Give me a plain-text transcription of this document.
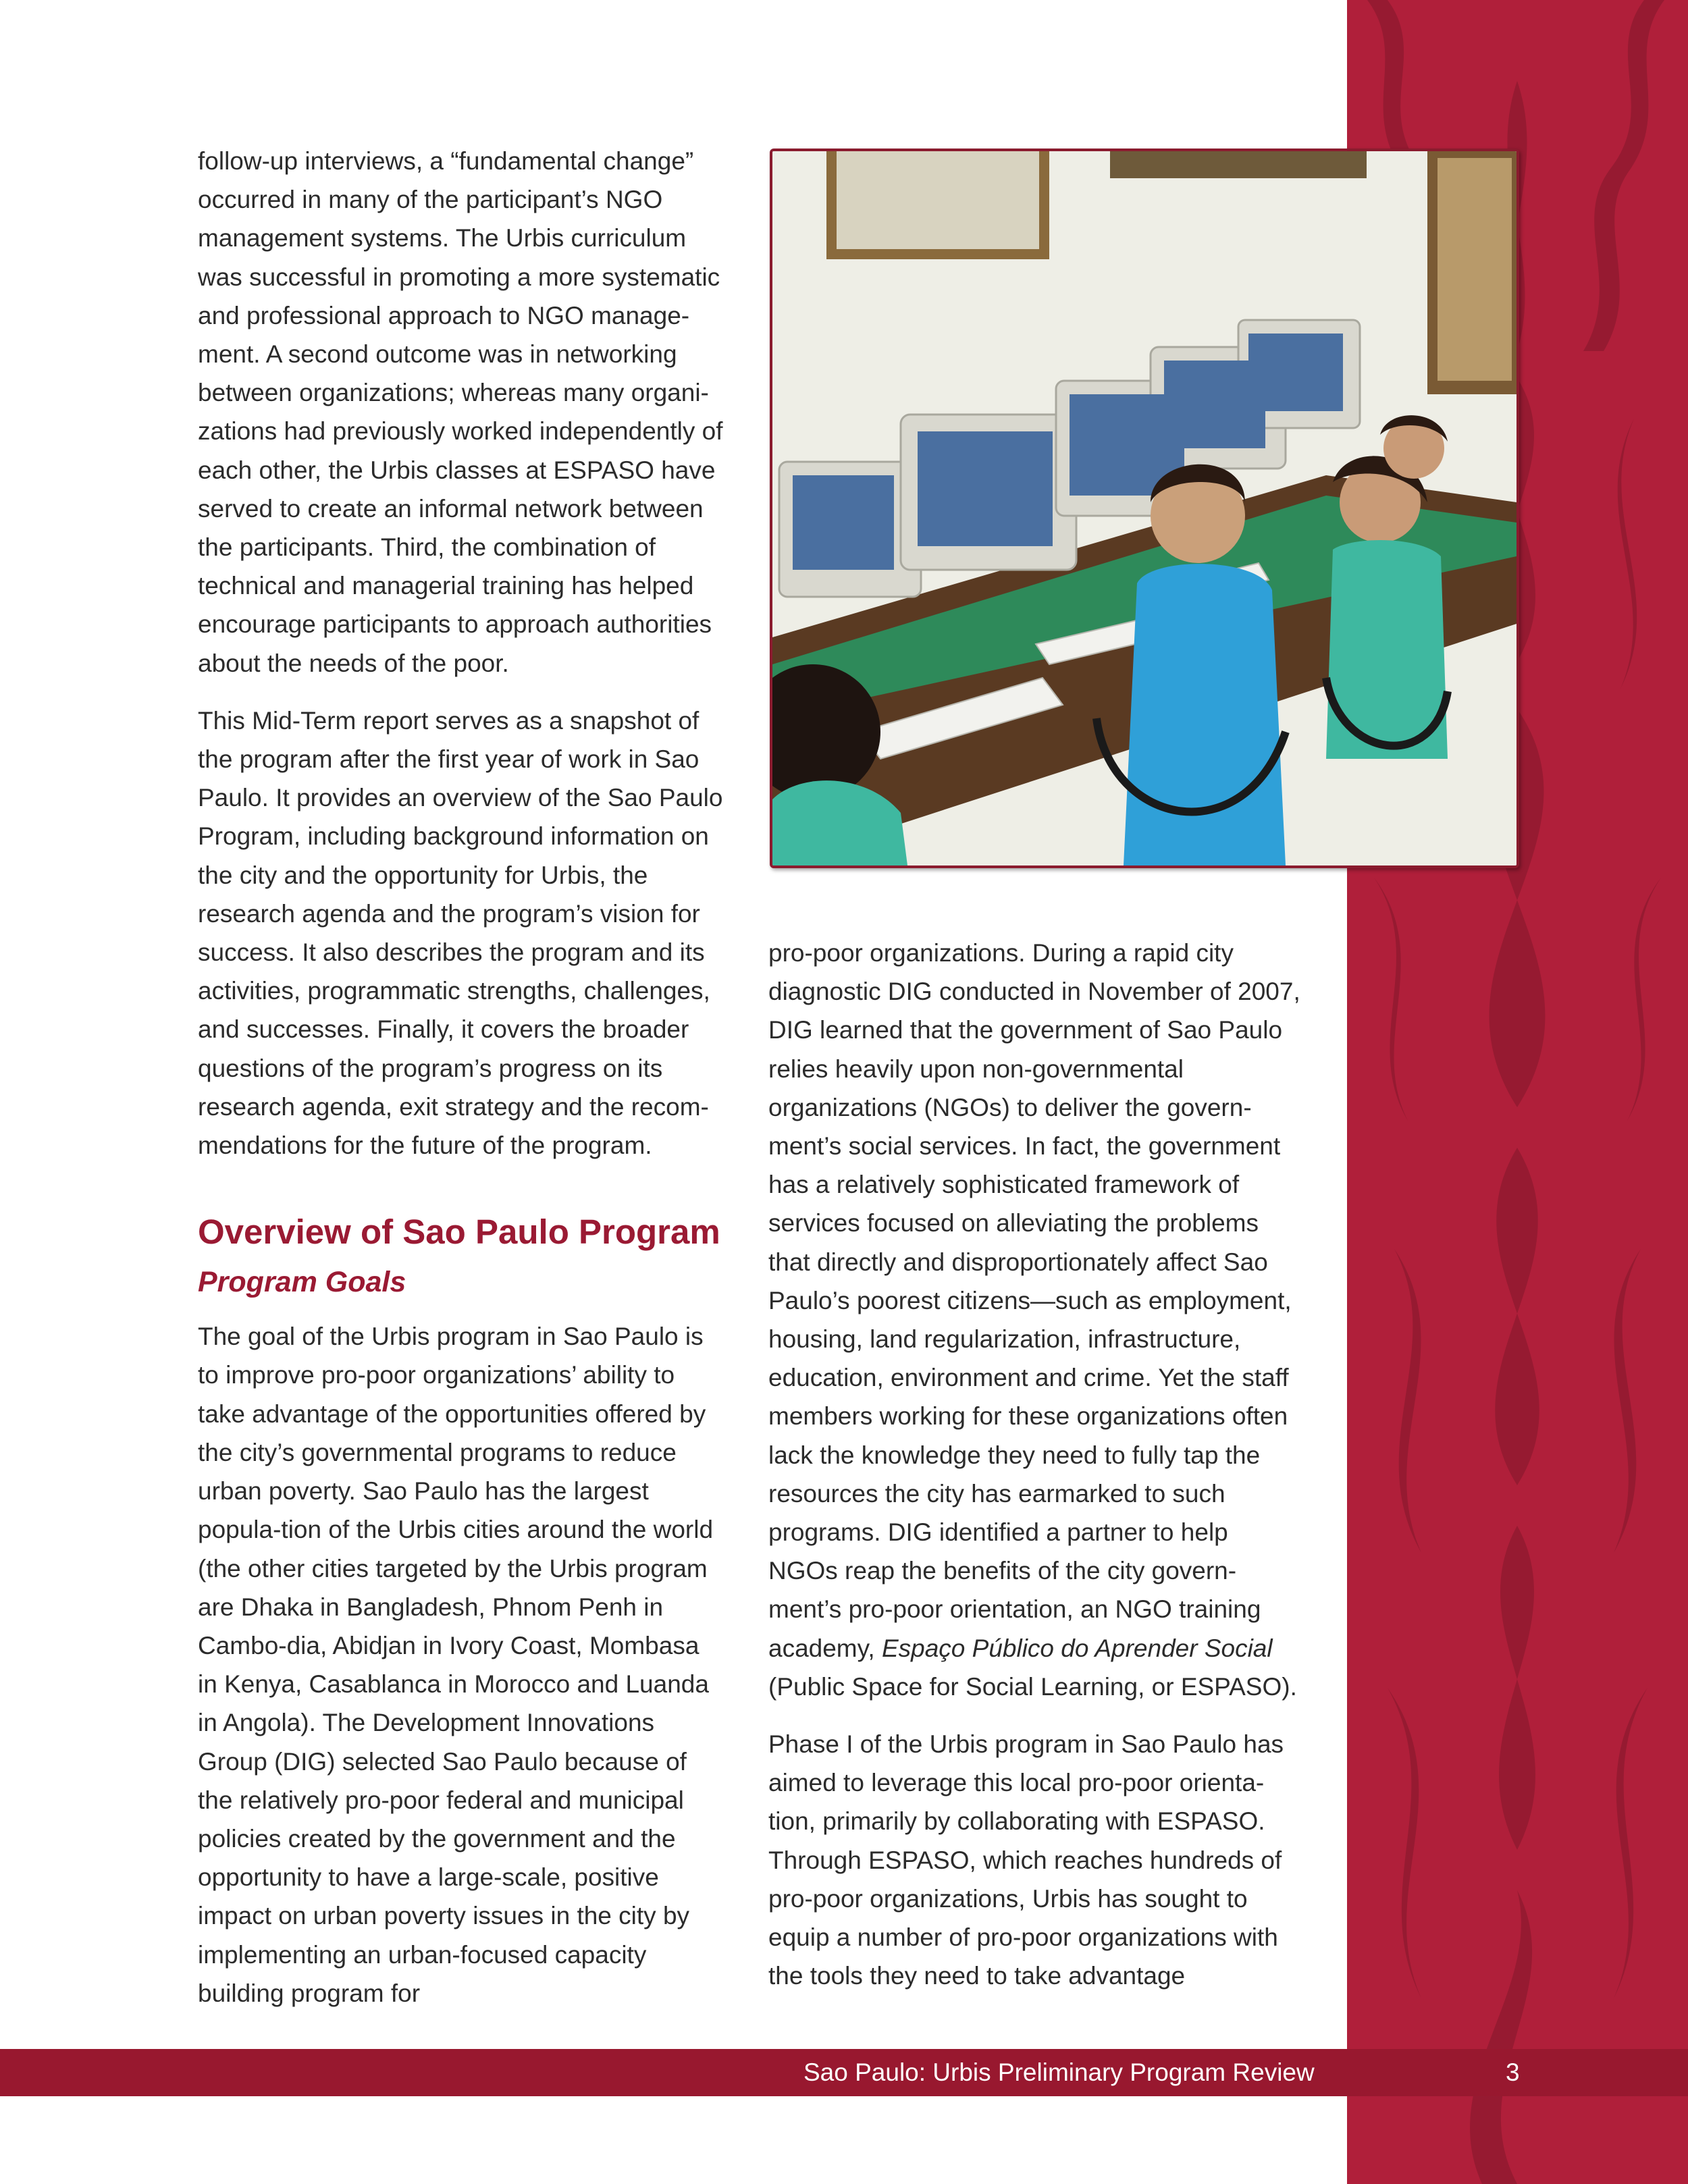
follow-up interviews, a “fundamental change” occurred in many of the participant’s NGO management systems. The Urbis curriculum was successful in promoting a more systematic and professional approach to NGO manage-ment. A second outcome was in networking between organizations; whereas many organi-zations had previously worked independently of each other, the Urbis classes at ESPASO have served to create an informal network between the participants. Third, the combination of technical and managerial training has helped encourage participants to approach authorities about the needs of the poor.

This Mid-Term report serves as a snapshot of the program after the first year of work in Sao Paulo. It provides an overview of the Sao Paulo Program, including background information on the city and the opportunity for Urbis, the research agenda and the program’s vision for success. It also describes the program and its activities, programmatic strengths, challenges, and successes. Finally, it covers the broader questions of the program’s progress on its research agenda, exit strategy and the recom-mendations for the future of the program.

Overview of Sao Paulo Program
Program Goals

The goal of the Urbis program in Sao Paulo is to improve pro-poor organizations’ ability to take advantage of the opportunities offered by the city’s governmental programs to reduce urban poverty. Sao Paulo has the largest popula-tion of the Urbis cities around the world (the other cities targeted by the Urbis program are Dhaka in Bangladesh, Phnom Penh in Cambo-dia, Abidjan in Ivory Coast, Mombasa in Kenya, Casablanca in Morocco and Luanda in Angola). The Development Innovations Group (DIG) selected Sao Paulo because of the relatively pro-poor federal and municipal policies created by the government and the opportunity to have a large-scale, positive impact on urban poverty issues in the city by implementing an urban-focused capacity building program for

pro-poor organizations. During a rapid city diagnostic DIG conducted in November of 2007, DIG learned that the government of Sao Paulo relies heavily upon non-governmental organizations (NGOs) to deliver the govern-ment’s social services. In fact, the government has a relatively sophisticated framework of services focused on alleviating the problems that directly and disproportionately affect Sao Paulo’s poorest citizens—such as employment, housing, land regularization, infrastructure, education, environment and crime. Yet the staff members working for these organizations often lack the knowledge they need to fully tap the resources the city has earmarked to such programs. DIG identified a partner to help NGOs reap the benefits of the city govern-ment’s pro-poor orientation, an NGO training academy, Espaço Público do Aprender Social (Public Space for Social Learning, or ESPASO).

Phase I of the Urbis program in Sao Paulo has aimed to leverage this local pro-poor orienta-tion, primarily by collaborating with ESPASO. Through ESPASO, which reaches hundreds of pro-poor organizations, Urbis has sought to equip a number of pro-poor organizations with the tools they need to take advantage

Sao Paulo: Urbis Preliminary Program Review	3
